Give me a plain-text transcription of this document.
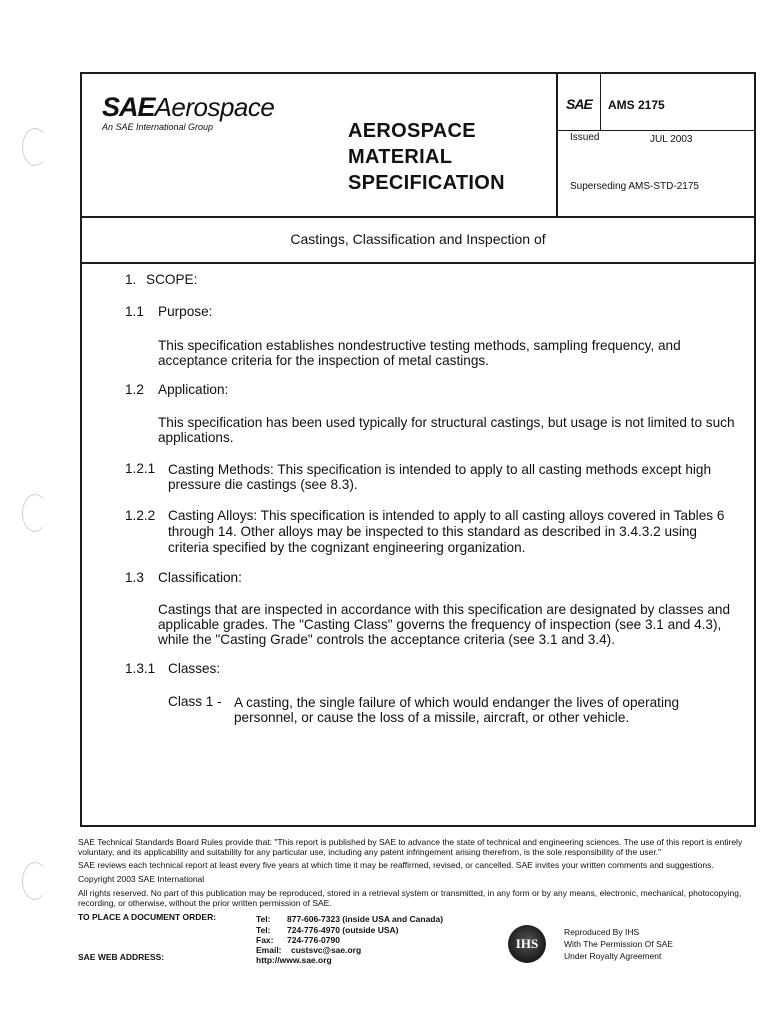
SAEAerospace
An SAE International Group	AEROSPACE
MATERIAL
SPECIFICATION
SAE AMS 2175
Issued	JUL 2003
Superseding AMS-STD-2175
Castings, Classification and Inspection of
1. SCOPE:
1.1 Purpose:
This specification establishes nondestructive testing methods, sampling frequency, and
acceptance criteria for the inspection of metal castings.
1.2 Application:
This specification has been used typically for structural castings, but usage is not limited to such
applications.
1.2.1 Casting Methods: This specification is intended to apply to all casting methods except high
pressure die castings (see 8.3).
1.2.2 Casting Alloys: This specification is intended to apply to all casting alloys covered in Tables 6
through 14. Other alloys may be inspected to this standard as described in 3.4.3.2 using
criteria specified by the cognizant engineering organization.
1.3 Classification:
Castings that are inspected in accordance with this specification are designated by classes and
applicable grades. The "Casting Class" governs the frequency of inspection (see 3.1 and 4.3),
while the "Casting Grade" controls the acceptance criteria (see 3.1 and 3.4).
1.3.1 Classes:
Class 1 - A casting, the single failure of which would endanger the lives of operating
personnel, or cause the loss of a missile, aircraft, or other vehicle.
SAE Technical Standards Board Rules provide that: "This report is published by SAE to advance the state of technical and engineering sciences. The use of this report is entirely
voluntary, and its applicability and suitability for any particular use, including any patent infringement arising therefrom, is the sole responsibility of the user."
SAE reviews each technical report at least every five years at which time it may be reaffirmed, revised, or cancelled. SAE invites your written comments and suggestions.
Copyright 2003 SAE International
All rights reserved. No part of this publication may be reproduced, stored in a retrieval system or transmitted, in any form or by any means, electronic, mechanical, photocopying,
recording, or otherwise, without the prior written permission of SAE.
TO PLACE A DOCUMENT ORDER:	Tel: 877-606-7323 (inside USA and Canada)
Tel: 724-776-4970 (outside USA)
Fax: 724-776-0790
Email: custsvc@sae.org
SAE WEB ADDRESS:	http://www.sae.org
Reproduced By IHS
With The Permission Of SAE
Under Royalty Agreement
IHS
